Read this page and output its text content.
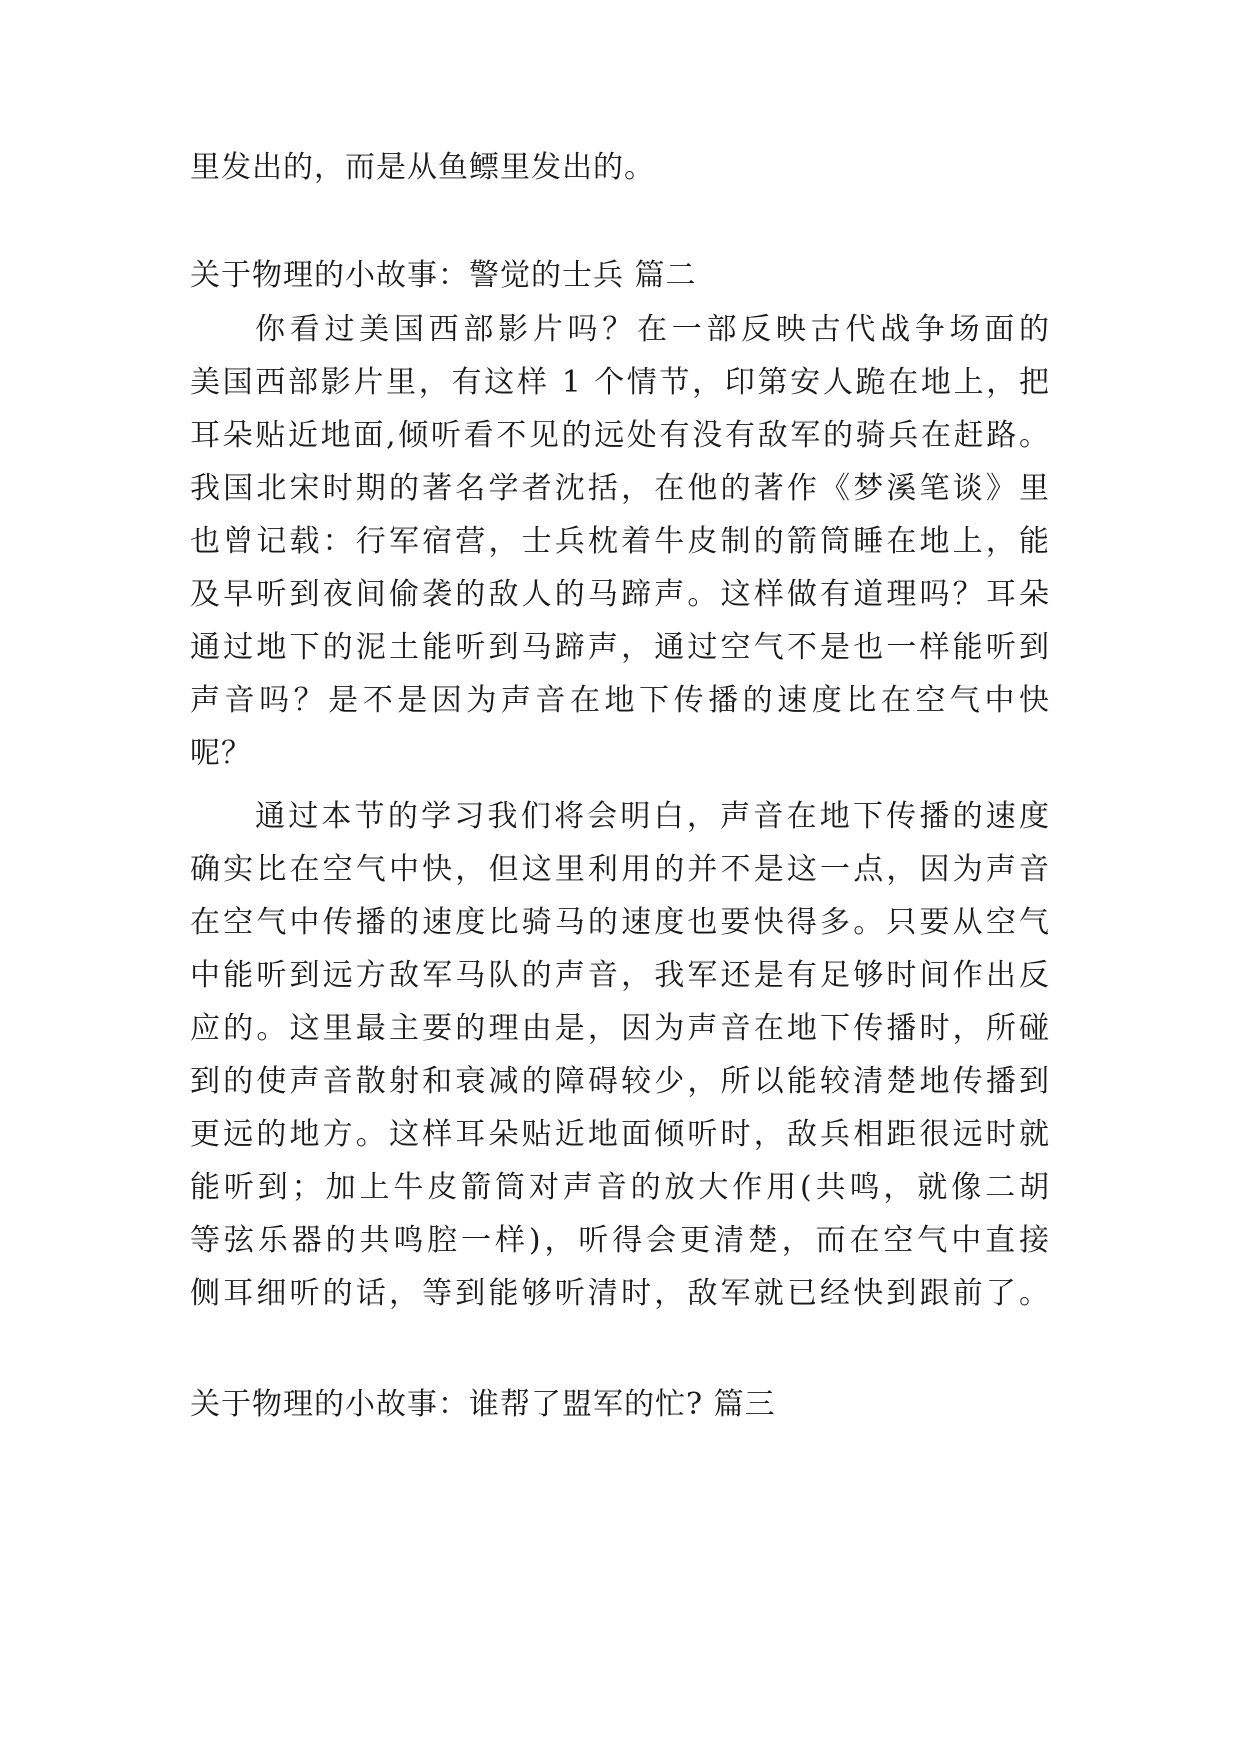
里发出的，而是从鱼鳔里发出的。
关于物理的小故事：警觉的士兵 篇二
你看过美国西部影片吗？在一部反映古代战争场面的
美国西部影片里，有这样 1 个情节，印第安人跪在地上，把
耳朵贴近地面,倾听看不见的远处有没有敌军的骑兵在赶路。
我国北宋时期的著名学者沈括，在他的著作《梦溪笔谈》里
也曾记载：行军宿营，士兵枕着牛皮制的箭筒睡在地上，能
及早听到夜间偷袭的敌人的马蹄声。这样做有道理吗？耳朵
通过地下的泥土能听到马蹄声，通过空气不是也一样能听到
声音吗？是不是因为声音在地下传播的速度比在空气中快
呢？
通过本节的学习我们将会明白，声音在地下传播的速度
确实比在空气中快，但这里利用的并不是这一点，因为声音
在空气中传播的速度比骑马的速度也要快得多。只要从空气
中能听到远方敌军马队的声音，我军还是有足够时间作出反
应的。这里最主要的理由是，因为声音在地下传播时，所碰
到的使声音散射和衰减的障碍较少，所以能较清楚地传播到
更远的地方。这样耳朵贴近地面倾听时，敌兵相距很远时就
能听到；加上牛皮箭筒对声音的放大作用(共鸣，就像二胡
等弦乐器的共鸣腔一样)，听得会更清楚，而在空气中直接
侧耳细听的话，等到能够听清时，敌军就已经快到跟前了。
关于物理的小故事：谁帮了盟军的忙? 篇三
